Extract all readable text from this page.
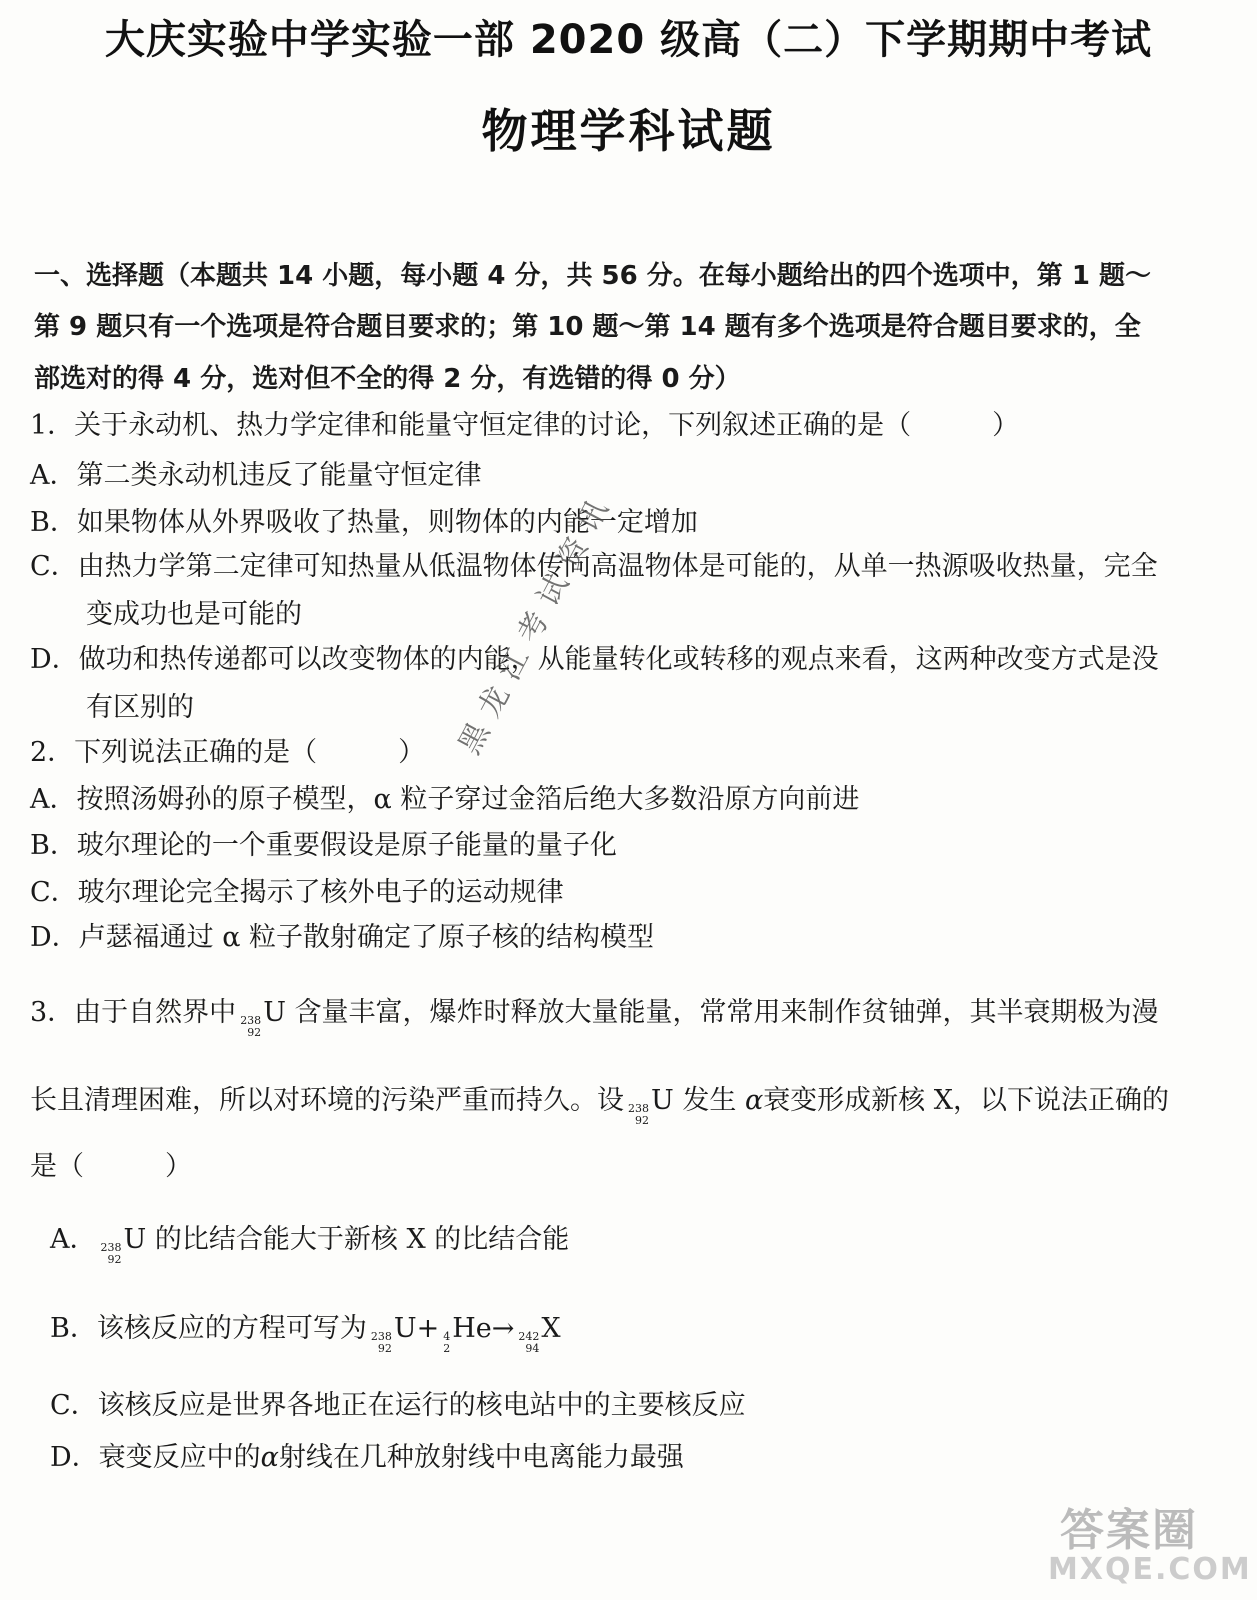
大庆实验中学实验一部 2020 级高（二）下学期期中考试
物理学科试题
一、选择题（本题共 14 小题，每小题 4 分，共 56 分。在每小题给出的四个选项中，第 1 题～
第 9 题只有一个选项是符合题目要求的；第 10 题～第 14 题有多个选项是符合题目要求的，全
部选对的得 4 分，选对但不全的得 2 分，有选错的得 0 分）
1．关于永动机、热力学定律和能量守恒定律的讨论，下列叙述正确的是（　　　）
A．第二类永动机违反了能量守恒定律
B．如果物体从外界吸收了热量，则物体的内能一定增加
C．由热力学第二定律可知热量从低温物体传向高温物体是可能的，从单一热源吸收热量，完全
变成功也是可能的
D．做功和热传递都可以改变物体的内能，从能量转化或转移的观点来看，这两种改变方式是没
有区别的
2．下列说法正确的是（　　　）
A．按照汤姆孙的原子模型，α 粒子穿过金箔后绝大多数沿原方向前进
B．玻尔理论的一个重要假设是原子能量的量子化
C．玻尔理论完全揭示了核外电子的运动规律
D．卢瑟福通过 α 粒子散射确定了原子核的结构模型
3．由于自然界中 238
92
U 含量丰富，爆炸时释放大量能量，常常用来制作贫铀弹，其半衰期极为漫
长且清理困难，所以对环境的污染严重而持久。设 238
92
U 发生 α衰变形成新核 X，以下说法正确的
是（　　　）
A． 238
92
U 的比结合能大于新核 X 的比结合能
B．该核反应的方程可写为 238
92
U+ 4
2
He→ 242
94
X
C．该核反应是世界各地正在运行的核电站中的主要核反应
D．衰变反应中的α射线在几种放射线中电离能力最强
黑龙江考试资讯
答案圈
MXQE.COM
